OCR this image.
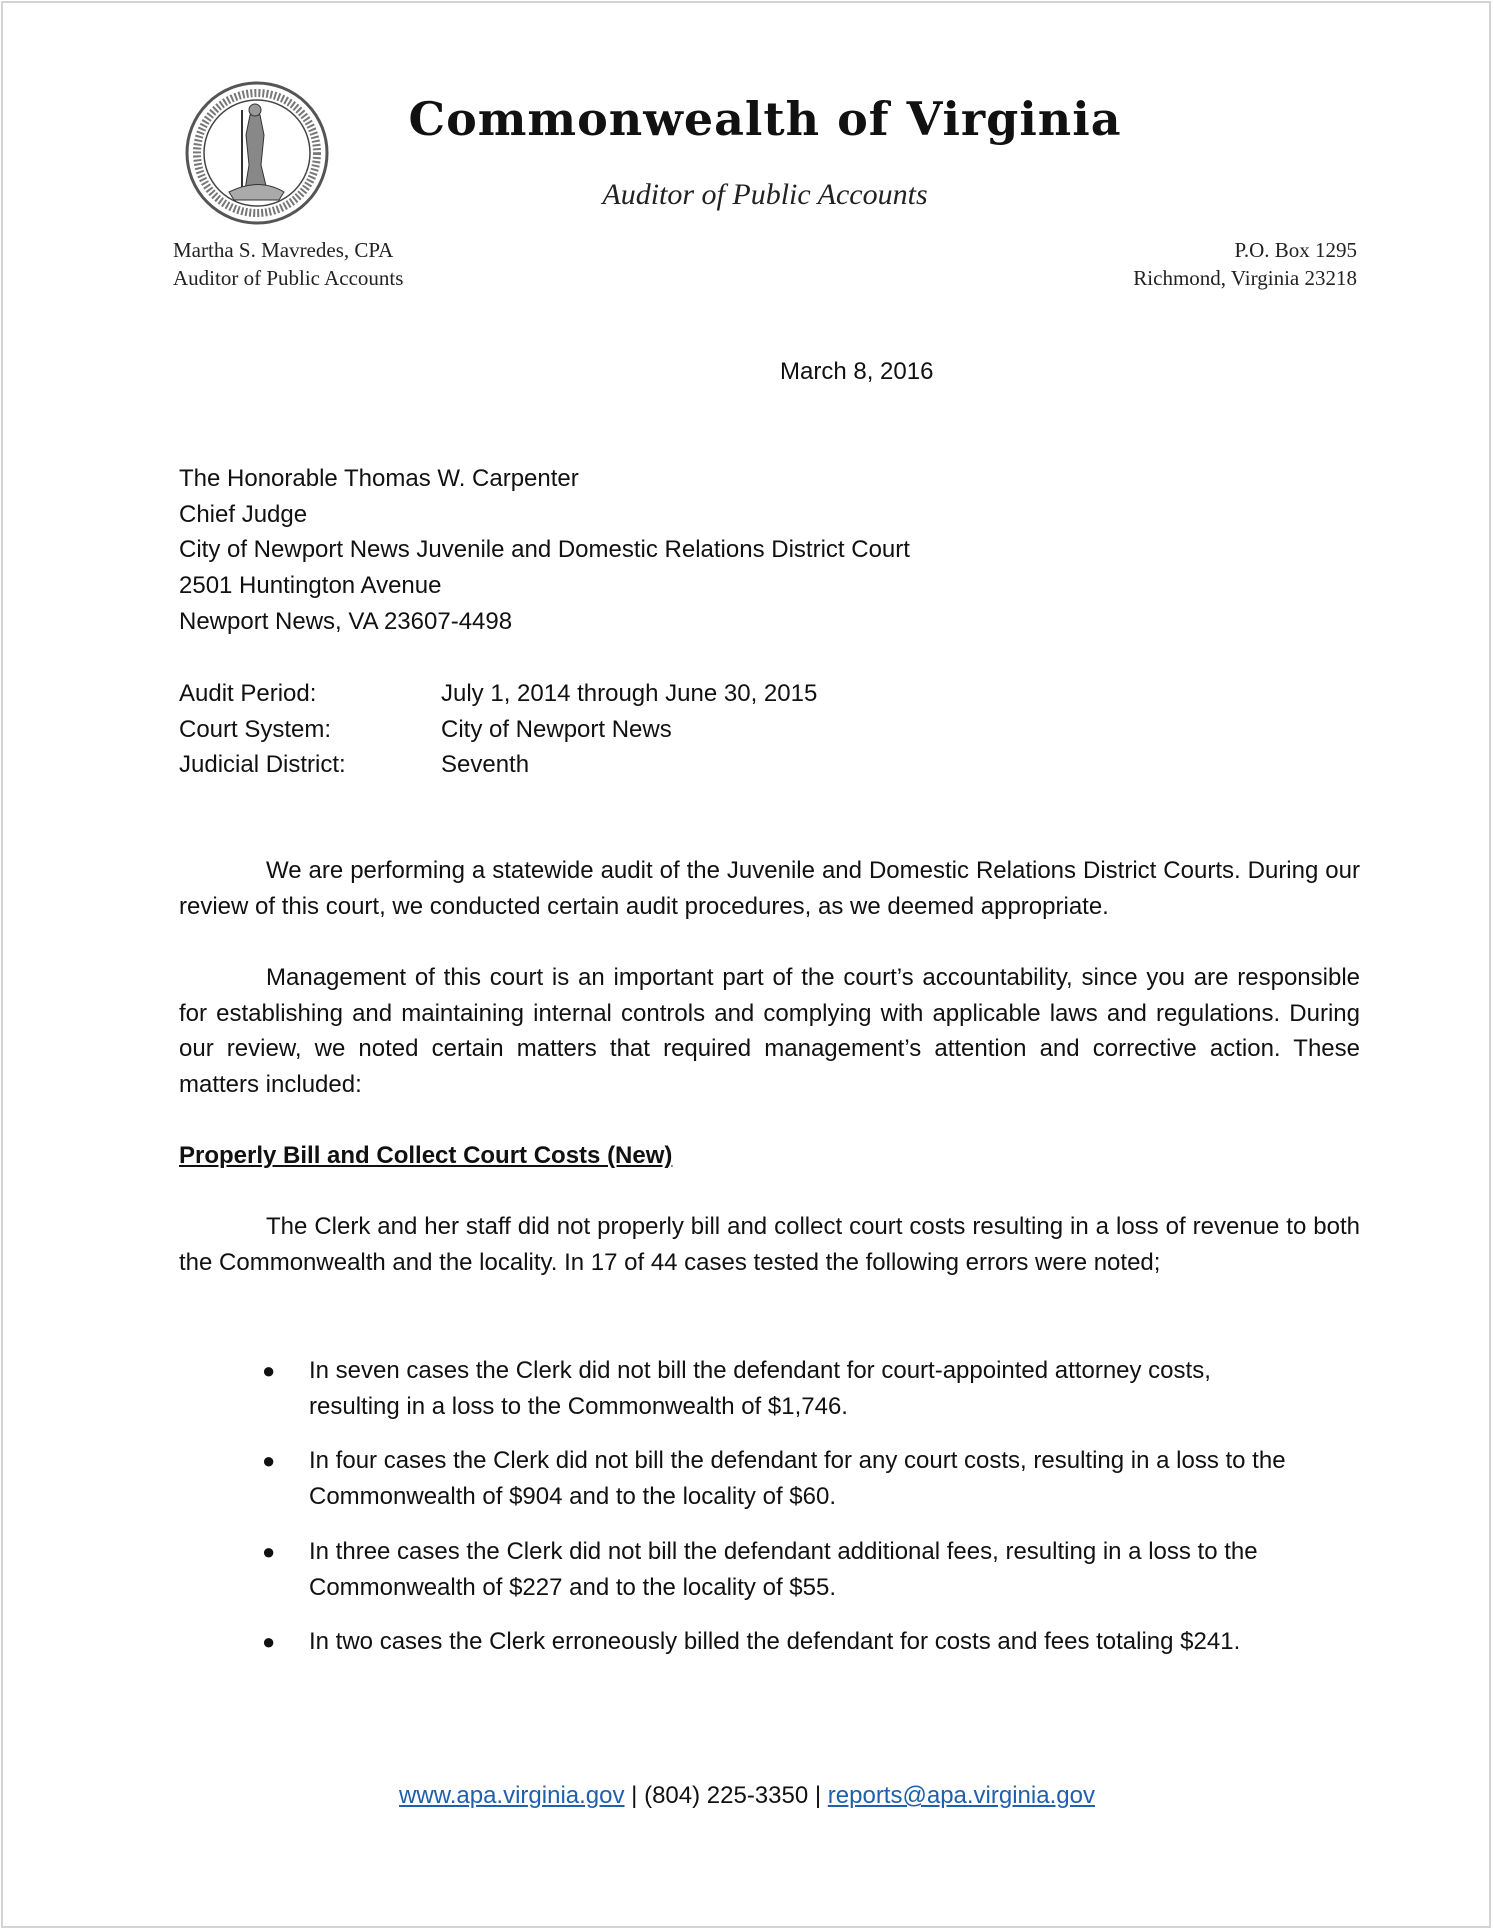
Commonwealth of Virginia
Auditor of Public Accounts
Martha S. Mavredes, CPA
Auditor of Public Accounts
P.O. Box 1295
Richmond, Virginia 23218
March 8, 2016
The Honorable Thomas W. Carpenter
Chief Judge
City of Newport News Juvenile and Domestic Relations District Court
2501 Huntington Avenue
Newport News, VA 23607-4498
Audit Period:	July 1, 2014 through June 30, 2015
Court System:	City of Newport News
Judicial District:	Seventh
We are performing a statewide audit of the Juvenile and Domestic Relations District Courts. During our review of this court, we conducted certain audit procedures, as we deemed appropriate.
Management of this court is an important part of the court’s accountability, since you are responsible for establishing and maintaining internal controls and complying with applicable laws and regulations. During our review, we noted certain matters that required management’s attention and corrective action. These matters included:
Properly Bill and Collect Court Costs (New)
The Clerk and her staff did not properly bill and collect court costs resulting in a loss of revenue to both the Commonwealth and the locality. In 17 of 44 cases tested the following errors were noted;
●	In seven cases the Clerk did not bill the defendant for court-appointed attorney costs, resulting in a loss to the Commonwealth of $1,746.
●	In four cases the Clerk did not bill the defendant for any court costs, resulting in a loss to the Commonwealth of $904 and to the locality of $60.
●	In three cases the Clerk did not bill the defendant additional fees, resulting in a loss to the Commonwealth of $227 and to the locality of $55.
●	In two cases the Clerk erroneously billed the defendant for costs and fees totaling $241.
www.apa.virginia.gov | (804) 225-3350 | reports@apa.virginia.gov
